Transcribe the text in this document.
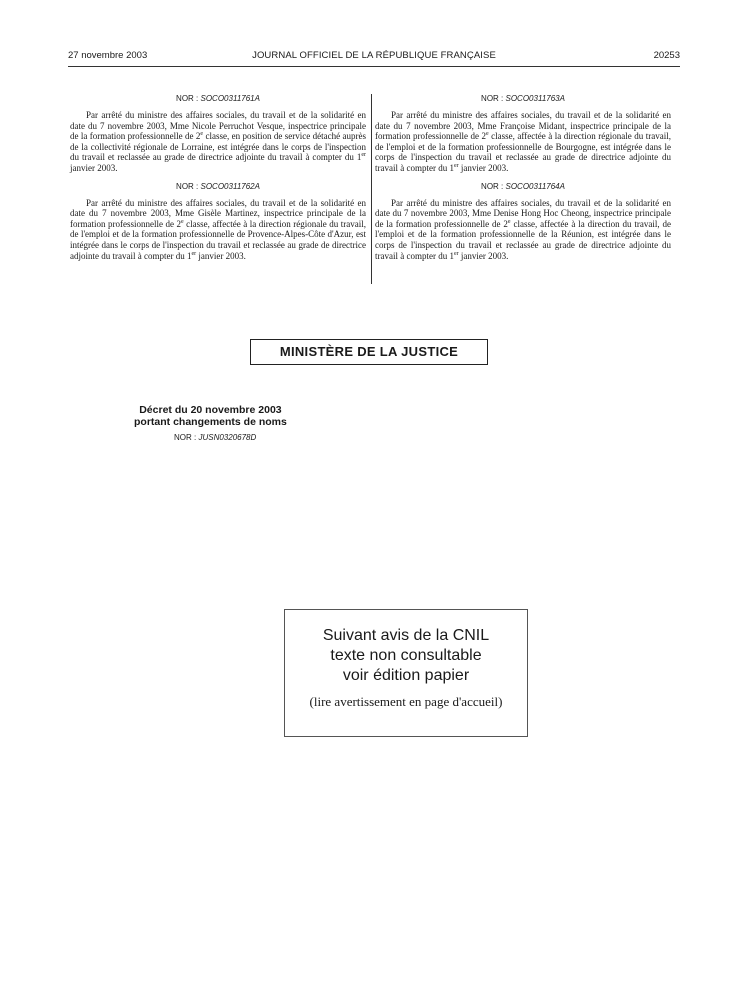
27 novembre 2003	JOURNAL OFFICIEL DE LA RÉPUBLIQUE FRANÇAISE	20253
NOR : SOCO0311761A
Par arrêté du ministre des affaires sociales, du travail et de la solidarité en date du 7 novembre 2003, Mme Nicole Perruchot Vesque, inspectrice principale de la formation professionnelle de 2e classe, en position de service détaché auprès de la collectivité régionale de Lorraine, est intégrée dans le corps de l'inspection du travail et reclassée au grade de directrice adjointe du travail à compter du 1er janvier 2003.
NOR : SOCO0311762A
Par arrêté du ministre des affaires sociales, du travail et de la solidarité en date du 7 novembre 2003, Mme Gisèle Martinez, inspectrice principale de la formation professionnelle de 2e classe, affectée à la direction régionale du travail, de l'emploi et de la formation professionnelle de Provence-Alpes-Côte d'Azur, est intégrée dans le corps de l'inspection du travail et reclassée au grade de directrice adjointe du travail à compter du 1er janvier 2003.
NOR : SOCO0311763A
Par arrêté du ministre des affaires sociales, du travail et de la solidarité en date du 7 novembre 2003, Mme Françoise Midant, inspectrice principale de la formation professionnelle de 2e classe, affectée à la direction régionale du travail, de l'emploi et de la formation professionnelle de Bourgogne, est intégrée dans le corps de l'inspection du travail et reclassée au grade de directrice adjointe du travail à compter du 1er janvier 2003.
NOR : SOCO0311764A
Par arrêté du ministre des affaires sociales, du travail et de la solidarité en date du 7 novembre 2003, Mme Denise Hong Hoc Cheong, inspectrice principale de la formation professionnelle de 2e classe, affectée à la direction du travail, de l'emploi et de la formation professionnelle de la Réunion, est intégrée dans le corps de l'inspection du travail et reclassée au grade de directrice adjointe du travail à compter du 1er janvier 2003.
MINISTÈRE DE LA JUSTICE
Décret du 20 novembre 2003
portant changements de noms
NOR : JUSN0320678D
Suivant avis de la CNIL
texte non consultable
voir édition papier
(lire avertissement en page d'accueil)
